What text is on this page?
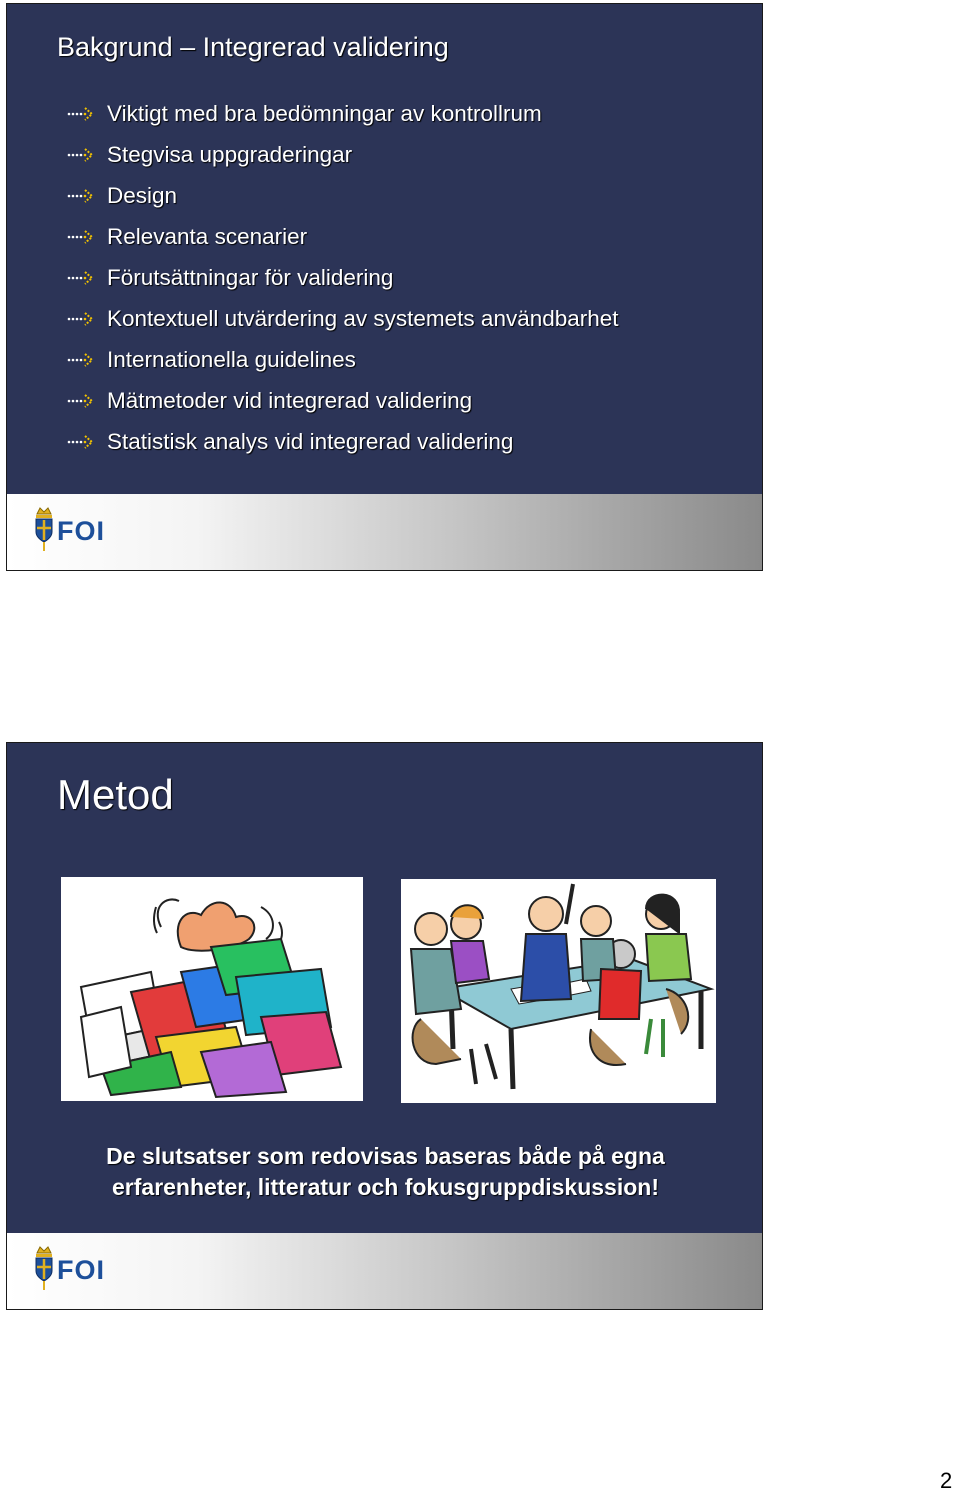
Bakgrund – Integrerad validering
Viktigt med bra bedömningar av kontrollrum
Stegvisa uppgraderingar
Design
Relevanta scenarier
Förutsättningar för validering
Kontextuell utvärdering av systemets användbarhet
Internationella guidelines
Mätmetoder vid integrerad validering
Statistisk analys vid integrerad validering
FOI
Metod
De slutsatser som redovisas baseras både på egna
erfarenheter, litteratur och fokusgruppdiskussion!
FOI
2
